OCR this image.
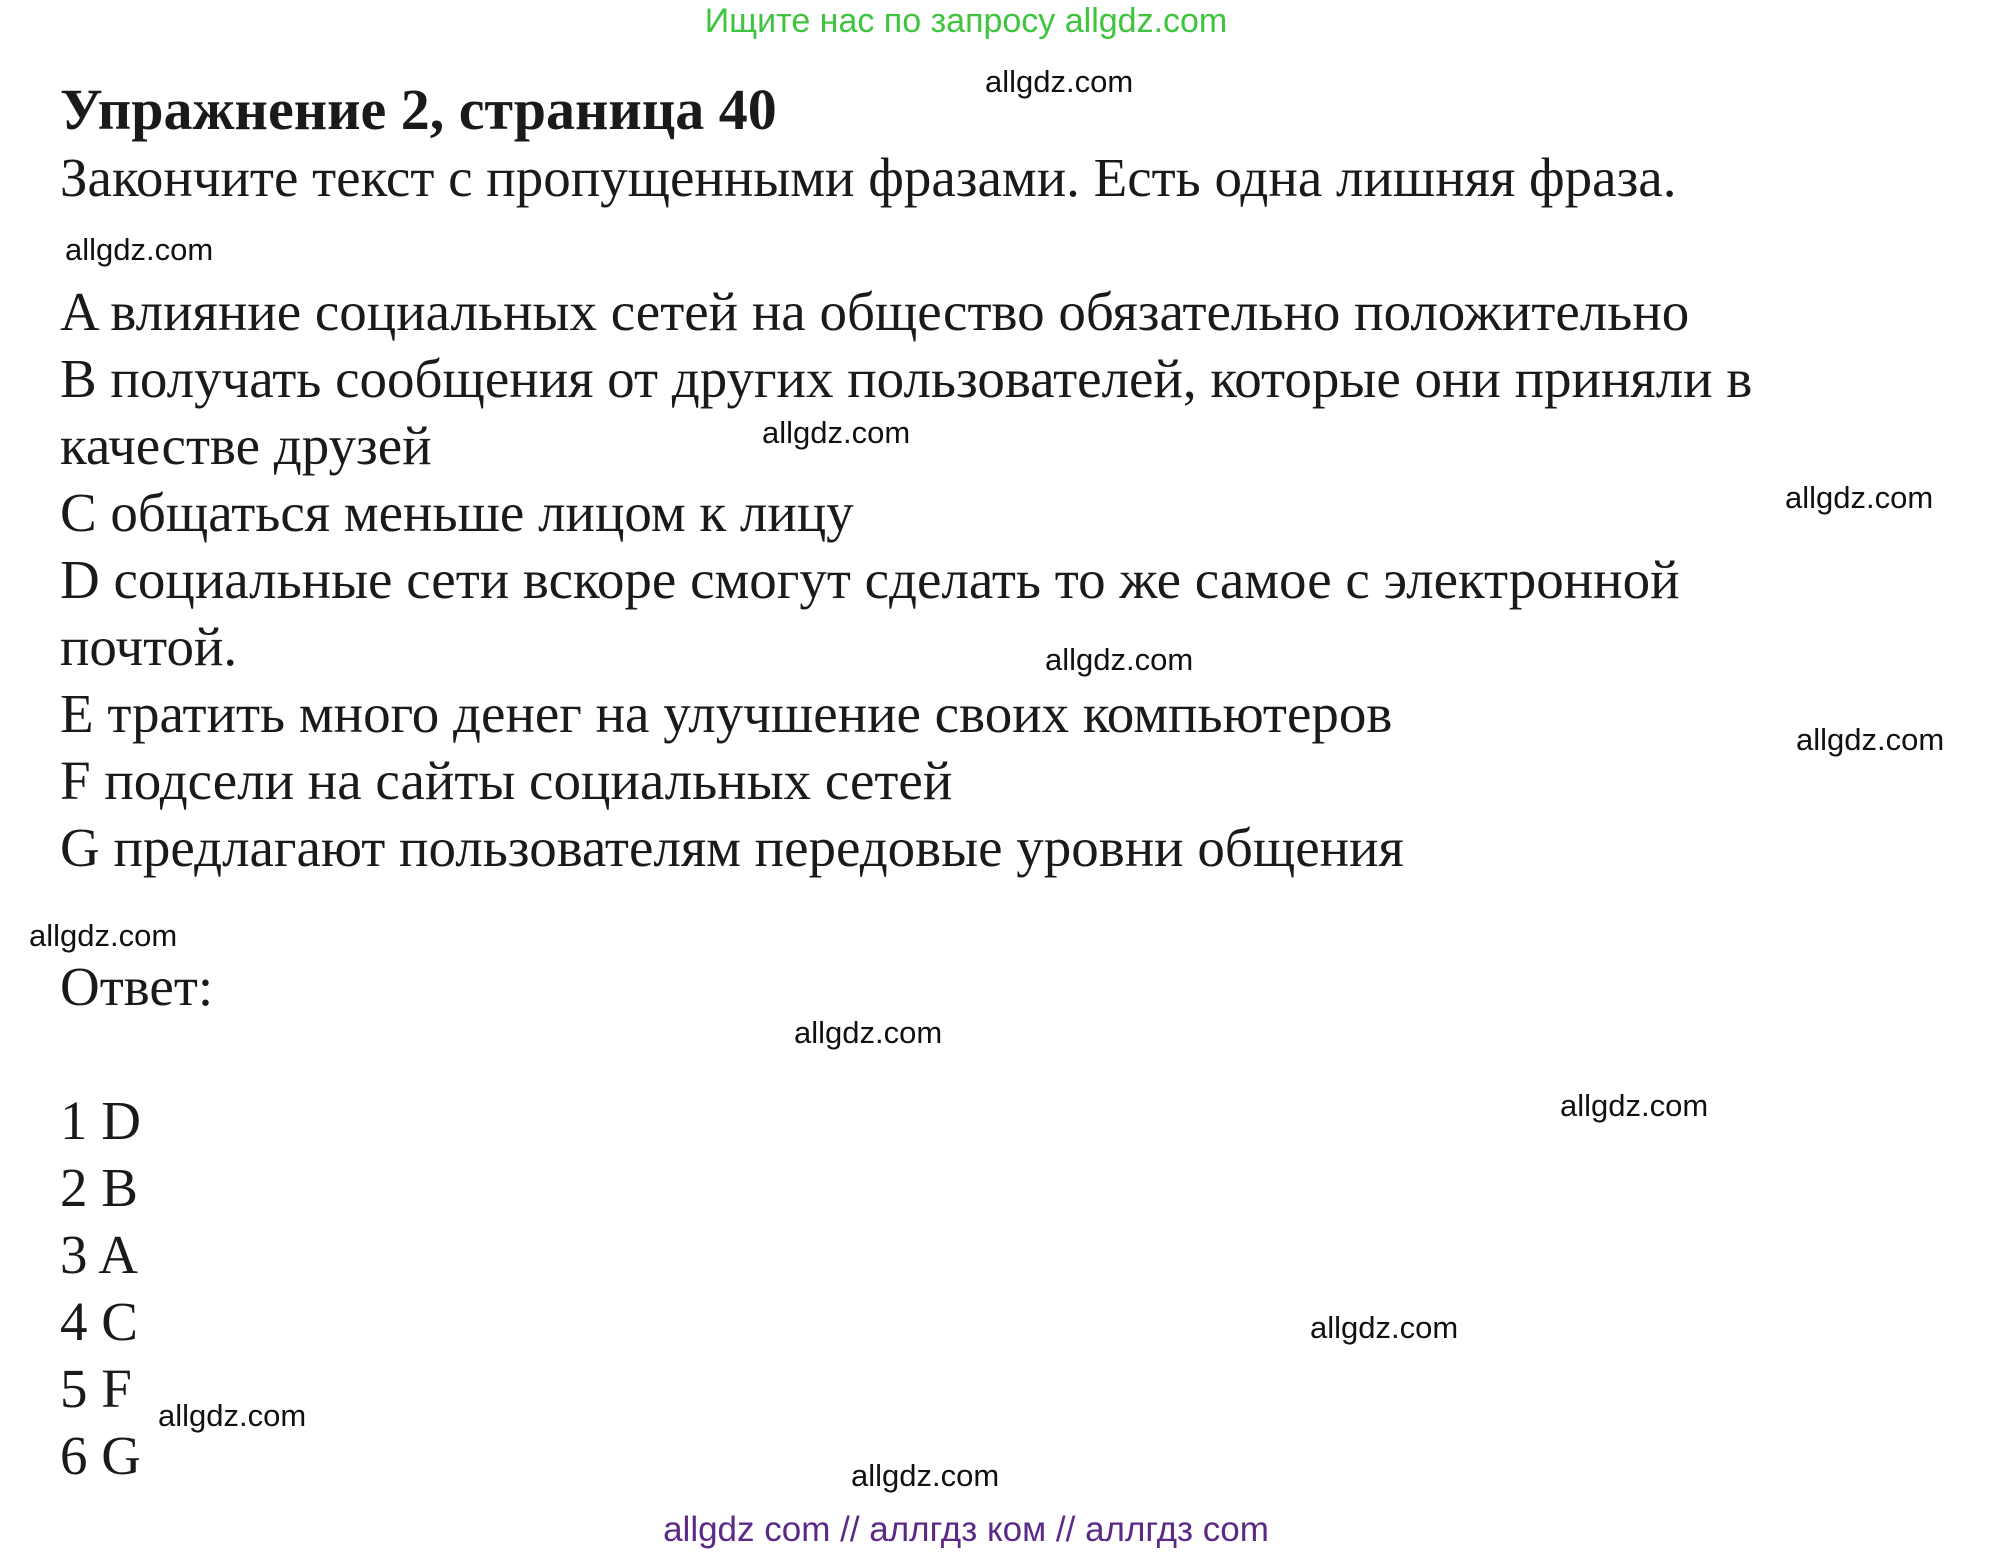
Ищите нас по запросу allgdz.com

Упражнение 2, страница 40

Закончите текст с пропущенными фразами. Есть одна лишняя фраза.

A влияние социальных сетей на общество обязательно положительно

B получать сообщения от других пользователей, которые они приняли в

качестве друзей

C общаться меньше лицом к лицу

D социальные сети вскоре смогут сделать то же самое с электронной

почтой.

E тратить много денег на улучшение своих компьютеров

F подсели на сайты социальных сетей

G предлагают пользователям передовые уровни общения

Ответ:

1 D

2 B

3 A

4 C

5 F

6 G

allgdz.com
allgdz.com
allgdz.com
allgdz.com
allgdz.com
allgdz.com
allgdz.com
allgdz.com
allgdz.com
allgdz.com
allgdz.com
allgdz.com
allgdz com // аллгдз ком // аллгдз com
